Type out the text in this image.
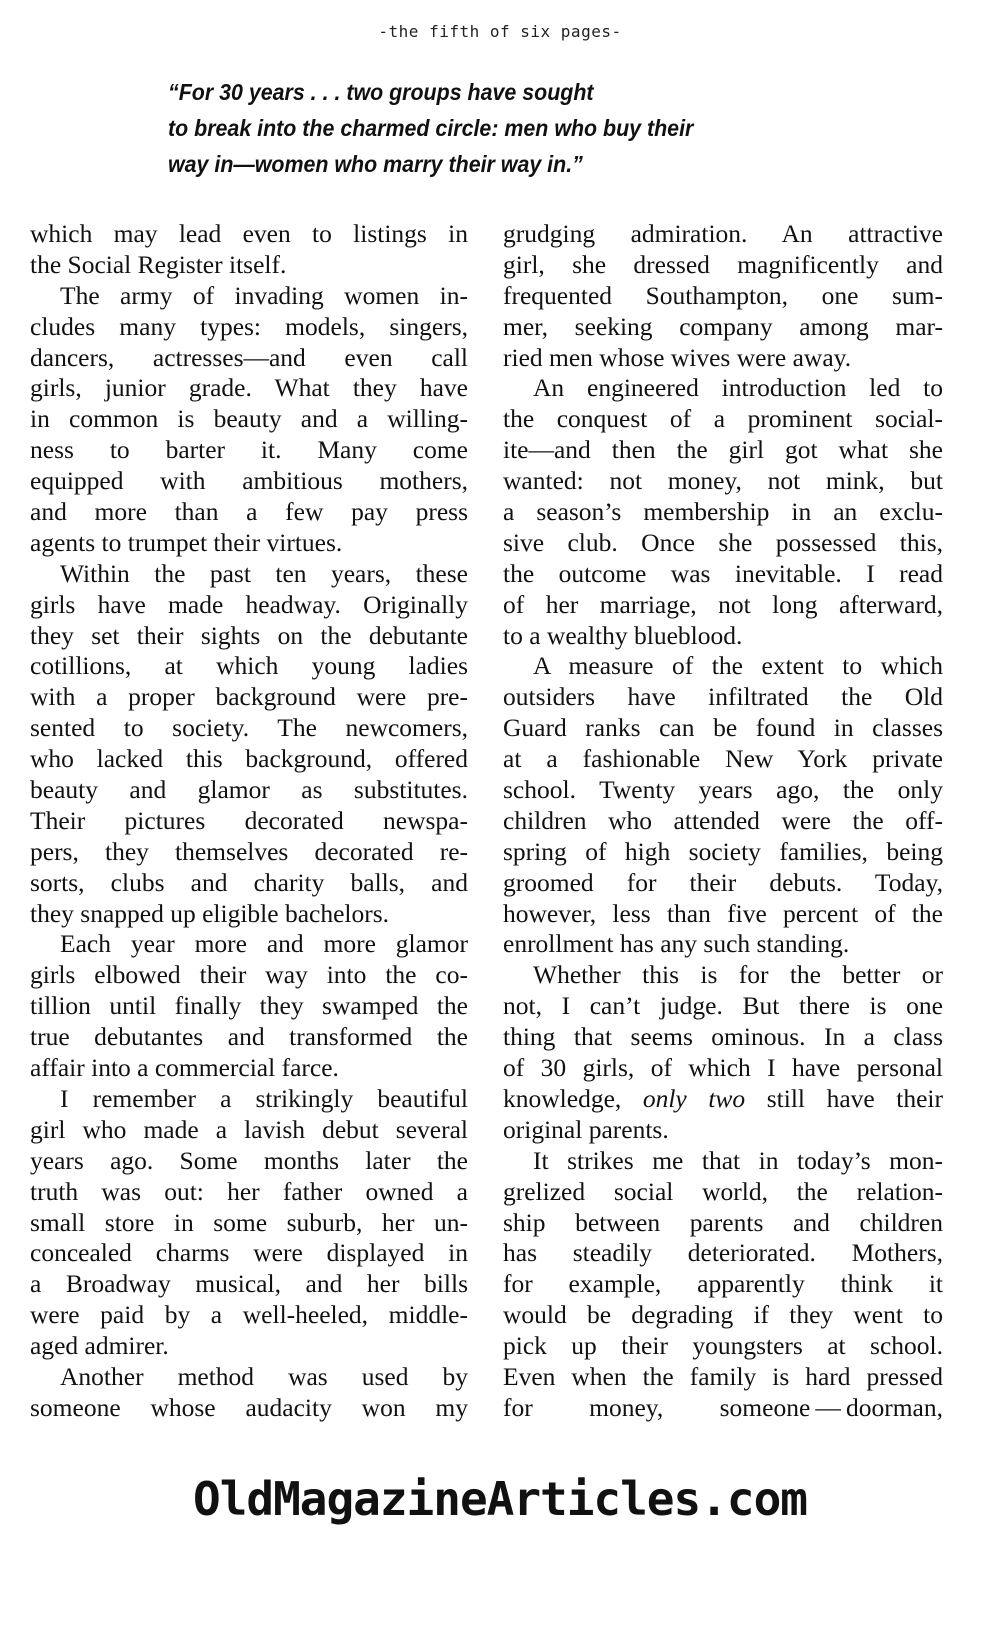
-the fifth of six pages-
“For 30 years . . . two groups have sought
to break into the charmed circle: men who buy their
way in—women who marry their way in.”
which may lead even to listings in
the Social Register itself.
The army of invading women in-
cludes many types: models, singers,
dancers, actresses—and even call
girls, junior grade. What they have
in common is beauty and a willing-
ness to barter it. Many come
equipped with ambitious mothers,
and more than a few pay press
agents to trumpet their virtues.
Within the past ten years, these
girls have made headway. Originally
they set their sights on the debutante
cotillions, at which young ladies
with a proper background were pre-
sented to society. The newcomers,
who lacked this background, offered
beauty and glamor as substitutes.
Their pictures decorated newspa-
pers, they themselves decorated re-
sorts, clubs and charity balls, and
they snapped up eligible bachelors.
Each year more and more glamor
girls elbowed their way into the co-
tillion until finally they swamped the
true debutantes and transformed the
affair into a commercial farce.
I remember a strikingly beautiful
girl who made a lavish debut several
years ago. Some months later the
truth was out: her father owned a
small store in some suburb, her un-
concealed charms were displayed in
a Broadway musical, and her bills
were paid by a well-heeled, middle-
aged admirer.
Another method was used by
someone whose audacity won my
grudging admiration. An attractive
girl, she dressed magnificently and
frequented Southampton, one sum-
mer, seeking company among mar-
ried men whose wives were away.
An engineered introduction led to
the conquest of a prominent social-
ite—and then the girl got what she
wanted: not money, not mink, but
a season’s membership in an exclu-
sive club. Once she possessed this,
the outcome was inevitable. I read
of her marriage, not long afterward,
to a wealthy blueblood.
A measure of the extent to which
outsiders have infiltrated the Old
Guard ranks can be found in classes
at a fashionable New York private
school. Twenty years ago, the only
children who attended were the off-
spring of high society families, being
groomed for their debuts. Today,
however, less than five percent of the
enrollment has any such standing.
Whether this is for the better or
not, I can’t judge. But there is one
thing that seems ominous. In a class
of 30 girls, of which I have personal
knowledge, only two still have their
original parents.
It strikes me that in today’s mon-
grelized social world, the relation-
ship between parents and children
has steadily deteriorated. Mothers,
for example, apparently think it
would be degrading if they went to
pick up their youngsters at school.
Even when the family is hard pressed
for money, someone — doorman,
OldMagazineArticles.com
